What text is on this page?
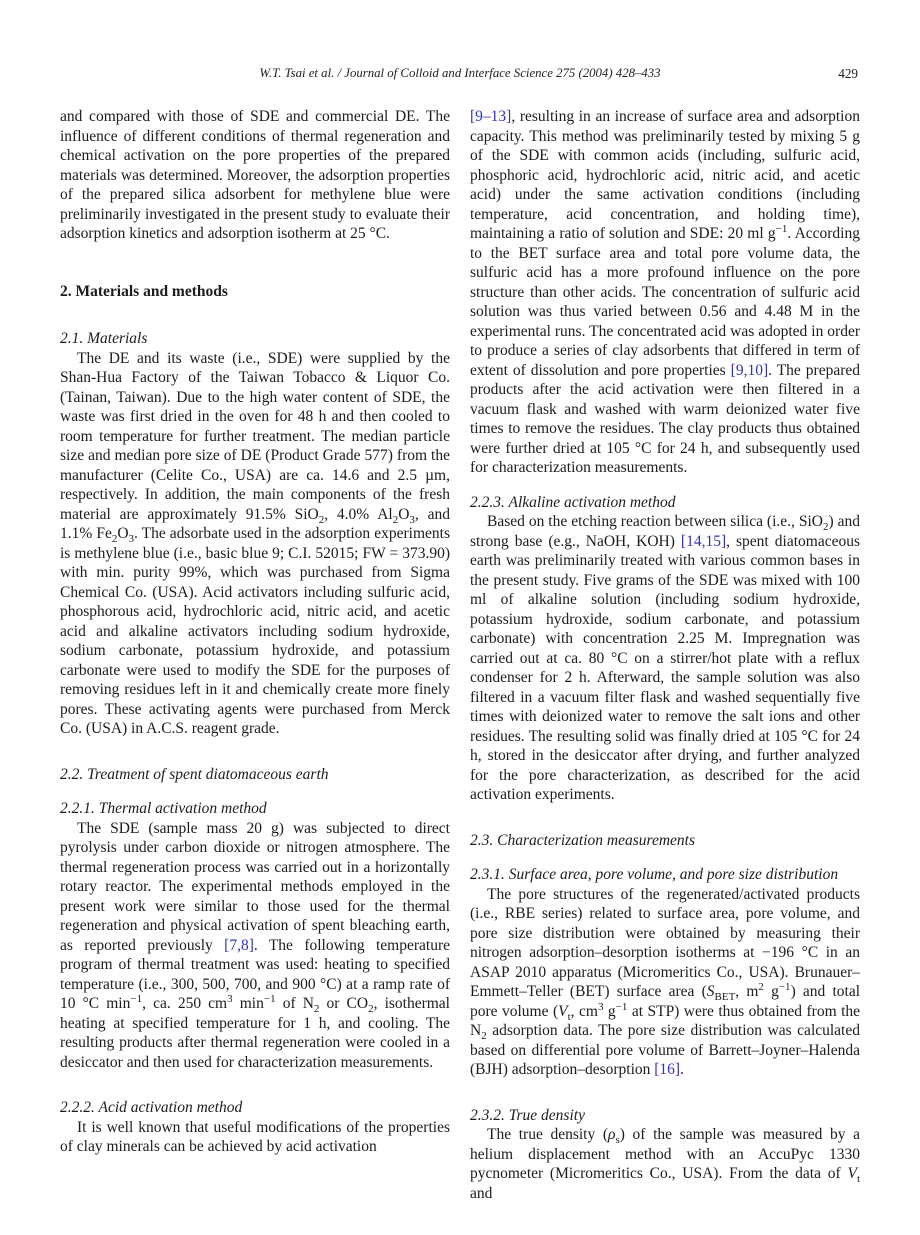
W.T. Tsai et al. / Journal of Colloid and Interface Science 275 (2004) 428–433	429

and compared with those of SDE and commercial DE. The influence of different conditions of thermal regeneration and chemical activation on the pore properties of the prepared materials was determined. Moreover, the adsorption properties of the prepared silica adsorbent for methylene blue were preliminarily investigated in the present study to evaluate their adsorption kinetics and adsorption isotherm at 25 °C.

2. Materials and methods
2.1. Materials

The DE and its waste (i.e., SDE) were supplied by the Shan-Hua Factory of the Taiwan Tobacco & Liquor Co. (Tainan, Taiwan). Due to the high water content of SDE, the waste was first dried in the oven for 48 h and then cooled to room temperature for further treatment. The median particle size and median pore size of DE (Product Grade 577) from the manufacturer (Celite Co., USA) are ca. 14.6 and 2.5 µm, respectively. In addition, the main components of the fresh material are approximately 91.5% SiO$_2$, 4.0% $Al_2O_3$, and 1.1% $Fe_2O_3$. The adsorbate used in the adsorption experiments is methylene blue (i.e., basic blue 9; C.I. 52015; FW = 373.90) with min. purity 99%, which was purchased from Sigma Chemical Co. (USA). Acid activators including sulfuric acid, phosphorous acid, hydrochloric acid, nitric acid, and acetic acid and alkaline activators including sodium hydroxide, sodium carbonate, potassium hydroxide, and potassium carbonate were used to modify the SDE for the purposes of removing residues left in it and chemically create more finely pores. These activating agents were purchased from Merck Co. (USA) in A.C.S. reagent grade.

2.2. Treatment of spent diatomaceous earth
2.2.1. Thermal activation method

The SDE (sample mass 20 g) was subjected to direct pyrolysis under carbon dioxide or nitrogen atmosphere. The thermal regeneration process was carried out in a horizontally rotary reactor. The experimental methods employed in the present work were similar to those used for the thermal regeneration and physical activation of spent bleaching earth, as reported previously [7,8]. The following temperature program of thermal treatment was used: heating to specified temperature (i.e., 300, 500, 700, and 900 °C) at a ramp rate of 10 °C $\min^{-1}$, ca. 250 $cm^3$ $\min^{-1}$ of $N_2$ or $CO_2$, isothermal heating at specified temperature for 1 h, and cooling. The resulting products after thermal regeneration were cooled in a desiccator and then used for characterization measurements.

2.2.2. Acid activation method

It is well known that useful modifications of the properties of clay minerals can be achieved by acid activation

[9–13], resulting in an increase of surface area and adsorption capacity. This method was preliminarily tested by mixing 5 g of the SDE with common acids (including, sulfuric acid, phosphoric acid, hydrochloric acid, nitric acid, and acetic acid) under the same activation conditions (including temperature, acid concentration, and holding time), maintaining a ratio of solution and SDE: 20 ml $g^{-1}$. According to the BET surface area and total pore volume data, the sulfuric acid has a more profound influence on the pore structure than other acids. The concentration of sulfuric acid solution was thus varied between 0.56 and 4.48 M in the experimental runs. The concentrated acid was adopted in order to produce a series of clay adsorbents that differed in term of extent of dissolution and pore properties [9,10]. The prepared products after the acid activation were then filtered in a vacuum flask and washed with warm deionized water five times to remove the residues. The clay products thus obtained were further dried at 105 °C for 24 h, and subsequently used for characterization measurements.

2.2.3. Alkaline activation method

Based on the etching reaction between silica (i.e., SiO$_2$) and strong base (e.g., NaOH, KOH) [14,15], spent diatomaceous earth was preliminarily treated with various common bases in the present study. Five grams of the SDE was mixed with 100 ml of alkaline solution (including sodium hydroxide, potassium hydroxide, sodium carbonate, and potassium carbonate) with concentration 2.25 M. Impregnation was carried out at ca. 80 °C on a stirrer/hot plate with a reflux condenser for 2 h. Afterward, the sample solution was also filtered in a vacuum filter flask and washed sequentially five times with deionized water to remove the salt ions and other residues. The resulting solid was finally dried at 105 °C for 24 h, stored in the desiccator after drying, and further analyzed for the pore characterization, as described for the acid activation experiments.

2.3. Characterization measurements
2.3.1. Surface area, pore volume, and pore size distribution

The pore structures of the regenerated/activated products (i.e., RBE series) related to surface area, pore volume, and pore size distribution were obtained by measuring their nitrogen adsorption–desorption isotherms at −196 °C in an ASAP 2010 apparatus (Micromeritics Co., USA). Brunauer–Emmett–Teller (BET) surface area ($S_{BET}$, $m^2$ $g^{-1}$) and total pore volume ($V_t$, $cm^3$ $g^{-1}$ at STP) were thus obtained from the $N_2$ adsorption data. The pore size distribution was calculated based on differential pore volume of Barrett–Joyner–Halenda (BJH) adsorption–desorption [16].

2.3.2. True density

The true density $(\rho_s)$ of the sample was measured by a helium displacement method with an AccuPyc 1330 pycnometer (Micromeritics Co., USA). From the data of $V_t$ and
